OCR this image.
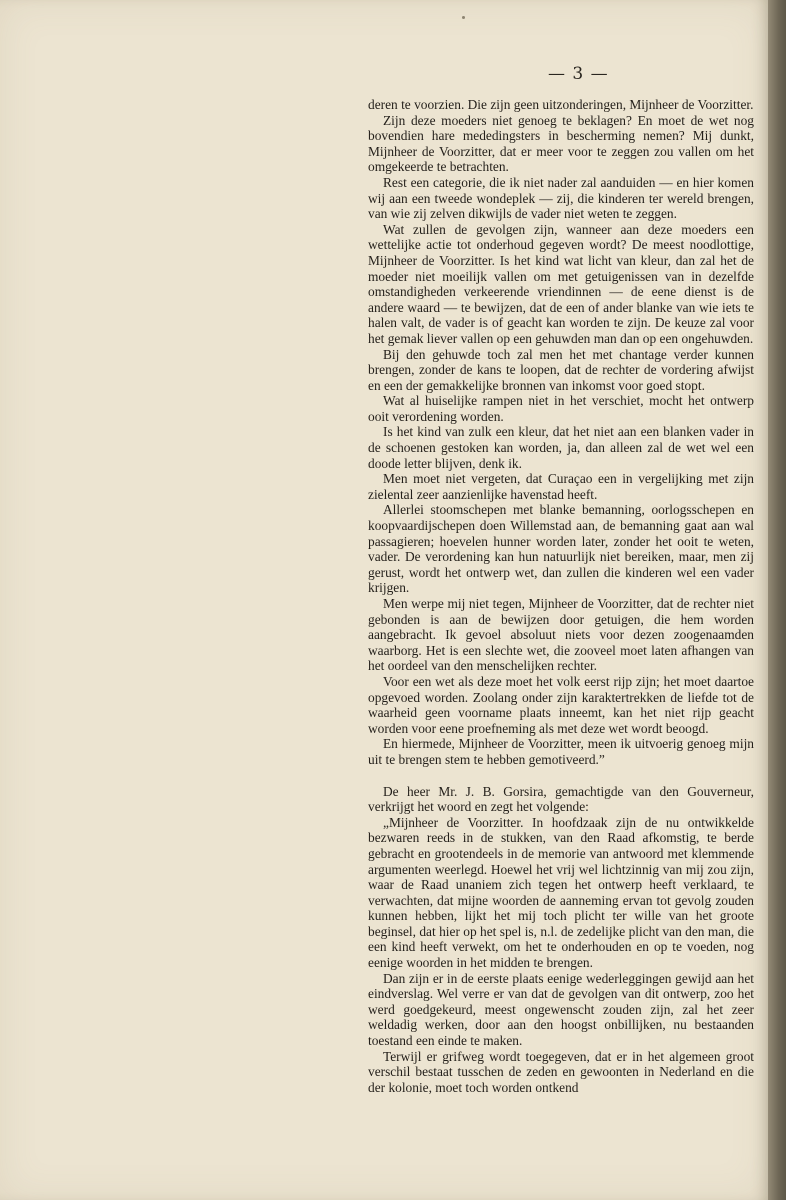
— 3 —

deren te voorzien. Die zijn geen uitzonderingen, Mijnheer de Voorzitter.

Zijn deze moeders niet genoeg te beklagen? En moet de wet nog bovendien hare mededingsters in bescherming nemen? Mij dunkt, Mijnheer de Voorzitter, dat er meer voor te zeggen zou vallen om het omgekeerde te betrachten.

Rest een categorie, die ik niet nader zal aanduiden — en hier komen wij aan een tweede wondeplek — zij, die kinderen ter wereld brengen, van wie zij zelven dikwijls de vader niet weten te zeggen.

Wat zullen de gevolgen zijn, wanneer aan deze moeders een wettelijke actie tot onderhoud gegeven wordt? De meest noodlottige, Mijnheer de Voorzitter. Is het kind wat licht van kleur, dan zal het de moeder niet moeilijk vallen om met getuigenissen van in dezelfde omstandigheden verkeerende vriendinnen — de eene dienst is de andere waard — te bewijzen, dat de een of ander blanke van wie iets te halen valt, de vader is of geacht kan worden te zijn. De keuze zal voor het gemak liever vallen op een gehuwden man dan op een ongehuwden.

Bij den gehuwde toch zal men het met chantage verder kunnen brengen, zonder de kans te loopen, dat de rechter de vordering afwijst en een der gemakkelijke bronnen van inkomst voor goed stopt.

Wat al huiselijke rampen niet in het verschiet, mocht het ontwerp ooit verordening worden.

Is het kind van zulk een kleur, dat het niet aan een blanken vader in de schoenen gestoken kan worden, ja, dan alleen zal de wet wel een doode letter blijven, denk ik.

Men moet niet vergeten, dat Curaçao een in vergelijking met zijn zielental zeer aanzienlijke havenstad heeft.

Allerlei stoomschepen met blanke bemanning, oorlogsschepen en koopvaardijschepen doen Willemstad aan, de bemanning gaat aan wal passagieren; hoevelen hunner worden later, zonder het ooit te weten, vader. De verordening kan hun natuurlijk niet bereiken, maar, men zij gerust, wordt het ontwerp wet, dan zullen die kinderen wel een vader krijgen.

Men werpe mij niet tegen, Mijnheer de Voorzitter, dat de rechter niet gebonden is aan de bewijzen door getuigen, die hem worden aangebracht. Ik gevoel absoluut niets voor dezen zoogenaamden waarborg. Het is een slechte wet, die zooveel moet laten afhangen van het oordeel van den menschelijken rechter.

Voor een wet als deze moet het volk eerst rijp zijn; het moet daartoe opgevoed worden. Zoolang onder zijn karaktertrekken de liefde tot de waarheid geen voorname plaats inneemt, kan het niet rijp geacht worden voor eene proefneming als met deze wet wordt beoogd.

En hiermede, Mijnheer de Voorzitter, meen ik uitvoerig genoeg mijn uit te brengen stem te hebben gemotiveerd.”

De heer Mr. J. B. Gorsira, gemachtigde van den Gouverneur, verkrijgt het woord en zegt het volgende:

„Mijnheer de Voorzitter. In hoofdzaak zijn de nu ontwikkelde bezwaren reeds in de stukken, van den Raad afkomstig, te berde gebracht en grootendeels in de memorie van antwoord met klemmende argumenten weerlegd. Hoewel het vrij wel lichtzinnig van mij zou zijn, waar de Raad unaniem zich tegen het ontwerp heeft verklaard, te verwachten, dat mijne woorden de aanneming ervan tot gevolg zouden kunnen hebben, lijkt het mij toch plicht ter wille van het groote beginsel, dat hier op het spel is, n.l. de zedelijke plicht van den man, die een kind heeft verwekt, om het te onderhouden en op te voeden, nog eenige woorden in het midden te brengen.

Dan zijn er in de eerste plaats eenige wederleggingen gewijd aan het eindverslag. Wel verre er van dat de gevolgen van dit ontwerp, zoo het werd goedgekeurd, meest ongewenscht zouden zijn, zal het zeer weldadig werken, door aan den hoogst onbillijken, nu bestaanden toestand een einde te maken.

Terwijl er grifweg wordt toegegeven, dat er in het algemeen groot verschil bestaat tusschen de zeden en gewoonten in Nederland en die der kolonie, moet toch worden ontkend
